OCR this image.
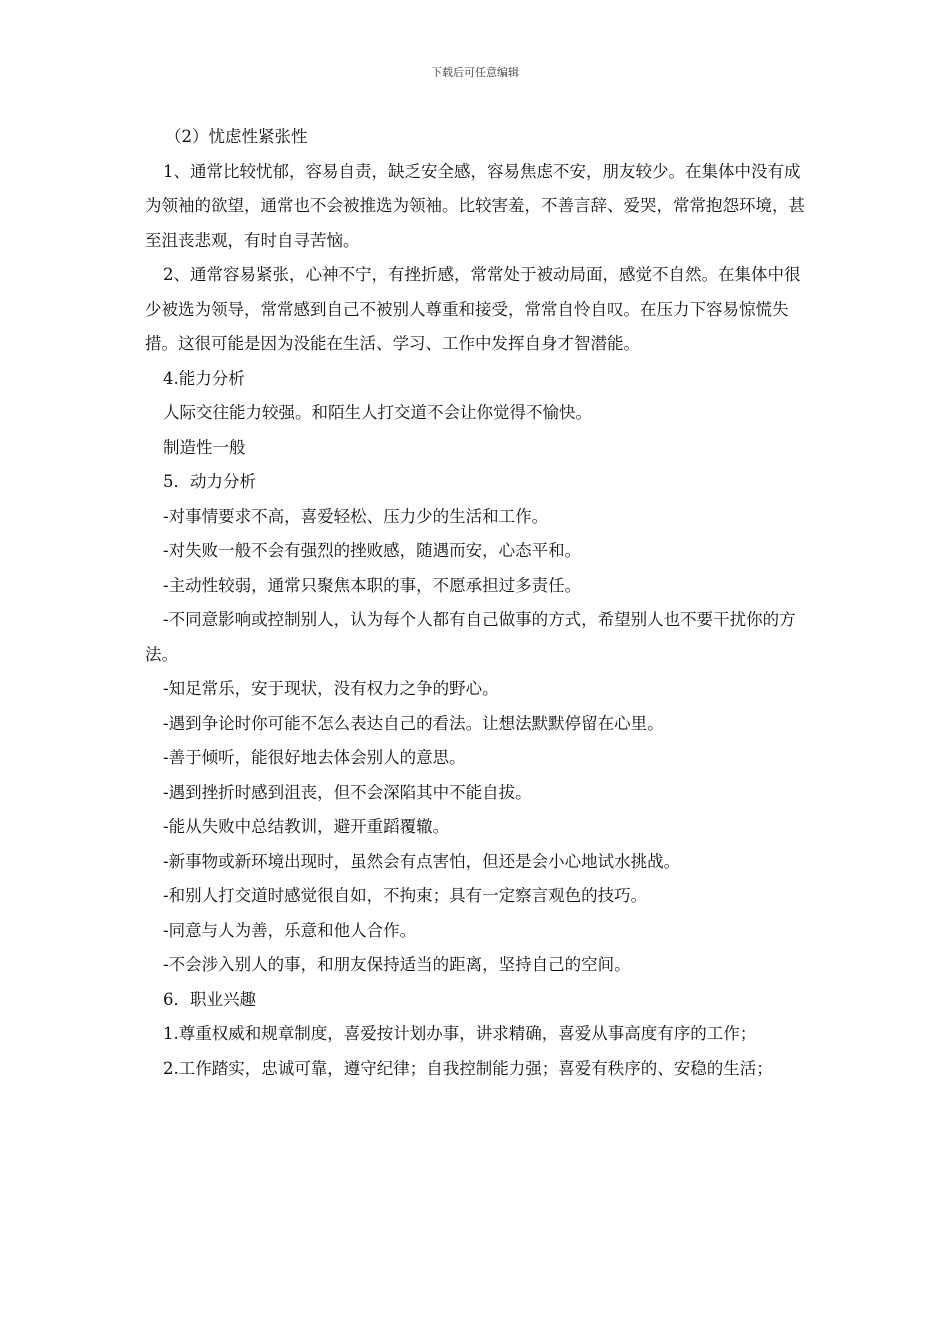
下载后可任意编辑

（2）忧虑性紧张性

1、通常比较忧郁，容易自责，缺乏安全感，容易焦虑不安，朋友较少。在集体中没有成为领袖的欲望，通常也不会被推选为领袖。比较害羞，不善言辞、爱哭，常常抱怨环境，甚至沮丧悲观，有时自寻苦恼。

2、通常容易紧张，心神不宁，有挫折感，常常处于被动局面，感觉不自然。在集体中很少被选为领导，常常感到自己不被别人尊重和接受，常常自怜自叹。在压力下容易惊慌失措。这很可能是因为没能在生活、学习、工作中发挥自身才智潜能。

4.能力分析

人际交往能力较强。和陌生人打交道不会让你觉得不愉快。

制造性一般

5．动力分析

-对事情要求不高，喜爱轻松、压力少的生活和工作。

-对失败一般不会有强烈的挫败感，随遇而安，心态平和。

-主动性较弱，通常只聚焦本职的事，不愿承担过多责任。

-不同意影响或控制别人，认为每个人都有自己做事的方式，希望别人也不要干扰你的方法。

-知足常乐，安于现状，没有权力之争的野心。

-遇到争论时你可能不怎么表达自己的看法。让想法默默停留在心里。

-善于倾听，能很好地去体会别人的意思。

-遇到挫折时感到沮丧，但不会深陷其中不能自拔。

-能从失败中总结教训，避开重蹈覆辙。

-新事物或新环境出现时，虽然会有点害怕，但还是会小心地试水挑战。

-和别人打交道时感觉很自如，不拘束；具有一定察言观色的技巧。

-同意与人为善，乐意和他人合作。

-不会涉入别人的事，和朋友保持适当的距离，坚持自己的空间。

6．职业兴趣

1.尊重权威和规章制度，喜爱按计划办事，讲求精确，喜爱从事高度有序的工作；

2.工作踏实，忠诚可靠，遵守纪律；自我控制能力强；喜爱有秩序的、安稳的生活；
